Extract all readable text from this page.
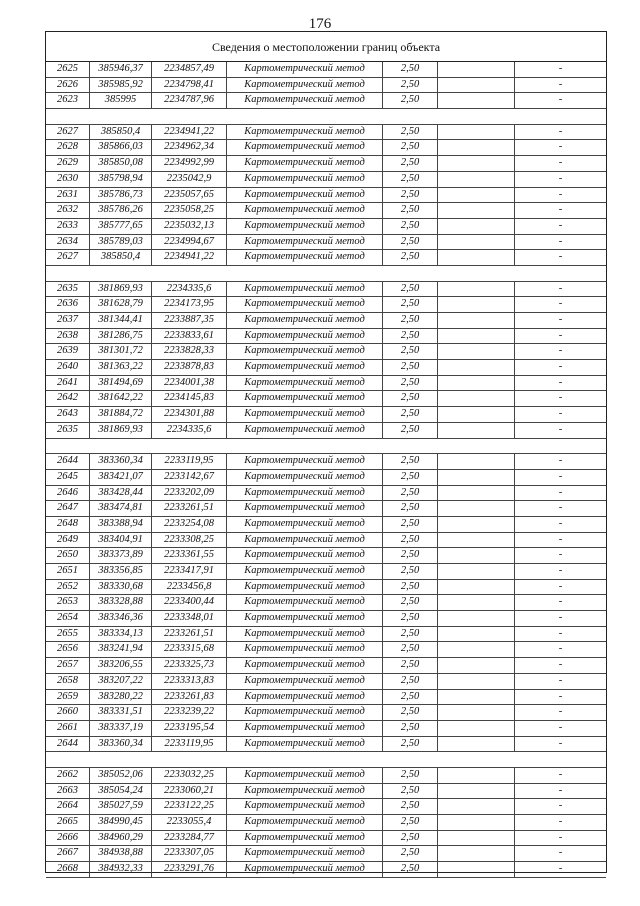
176
Сведения о местоположении границ объекта
2625	385946,37	2234857,49	Картометрический метод	2,50	-
2626	385985,92	2234798,41	Картометрический метод	2,50	-
2623	385995	2234787,96	Картометрический метод	2,50	-
2627	385850,4	2234941,22	Картометрический метод	2,50	-
2628	385866,03	2234962,34	Картометрический метод	2,50	-
2629	385850,08	2234992,99	Картометрический метод	2,50	-
2630	385798,94	2235042,9	Картометрический метод	2,50	-
2631	385786,73	2235057,65	Картометрический метод	2,50	-
2632	385786,26	2235058,25	Картометрический метод	2,50	-
2633	385777,65	2235032,13	Картометрический метод	2,50	-
2634	385789,03	2234994,67	Картометрический метод	2,50	-
2627	385850,4	2234941,22	Картометрический метод	2,50	-
2635	381869,93	2234335,6	Картометрический метод	2,50	-
2636	381628,79	2234173,95	Картометрический метод	2,50	-
2637	381344,41	2233887,35	Картометрический метод	2,50	-
2638	381286,75	2233833,61	Картометрический метод	2,50	-
2639	381301,72	2233828,33	Картометрический метод	2,50	-
2640	381363,22	2233878,83	Картометрический метод	2,50	-
2641	381494,69	2234001,38	Картометрический метод	2,50	-
2642	381642,22	2234145,83	Картометрический метод	2,50	-
2643	381884,72	2234301,88	Картометрический метод	2,50	-
2635	381869,93	2234335,6	Картометрический метод	2,50	-
2644	383360,34	2233119,95	Картометрический метод	2,50	-
2645	383421,07	2233142,67	Картометрический метод	2,50	-
2646	383428,44	2233202,09	Картометрический метод	2,50	-
2647	383474,81	2233261,51	Картометрический метод	2,50	-
2648	383388,94	2233254,08	Картометрический метод	2,50	-
2649	383404,91	2233308,25	Картометрический метод	2,50	-
2650	383373,89	2233361,55	Картометрический метод	2,50	-
2651	383356,85	2233417,91	Картометрический метод	2,50	-
2652	383330,68	2233456,8	Картометрический метод	2,50	-
2653	383328,88	2233400,44	Картометрический метод	2,50	-
2654	383346,36	2233348,01	Картометрический метод	2,50	-
2655	383334,13	2233261,51	Картометрический метод	2,50	-
2656	383241,94	2233315,68	Картометрический метод	2,50	-
2657	383206,55	2233325,73	Картометрический метод	2,50	-
2658	383207,22	2233313,83	Картометрический метод	2,50	-
2659	383280,22	2233261,83	Картометрический метод	2,50	-
2660	383331,51	2233239,22	Картометрический метод	2,50	-
2661	383337,19	2233195,54	Картометрический метод	2,50	-
2644	383360,34	2233119,95	Картометрический метод	2,50	-
2662	385052,06	2233032,25	Картометрический метод	2,50	-
2663	385054,24	2233060,21	Картометрический метод	2,50	-
2664	385027,59	2233122,25	Картометрический метод	2,50	-
2665	384990,45	2233055,4	Картометрический метод	2,50	-
2666	384960,29	2233284,77	Картометрический метод	2,50	-
2667	384938,88	2233307,05	Картометрический метод	2,50	-
2668	384932,33	2233291,76	Картометрический метод	2,50	-
